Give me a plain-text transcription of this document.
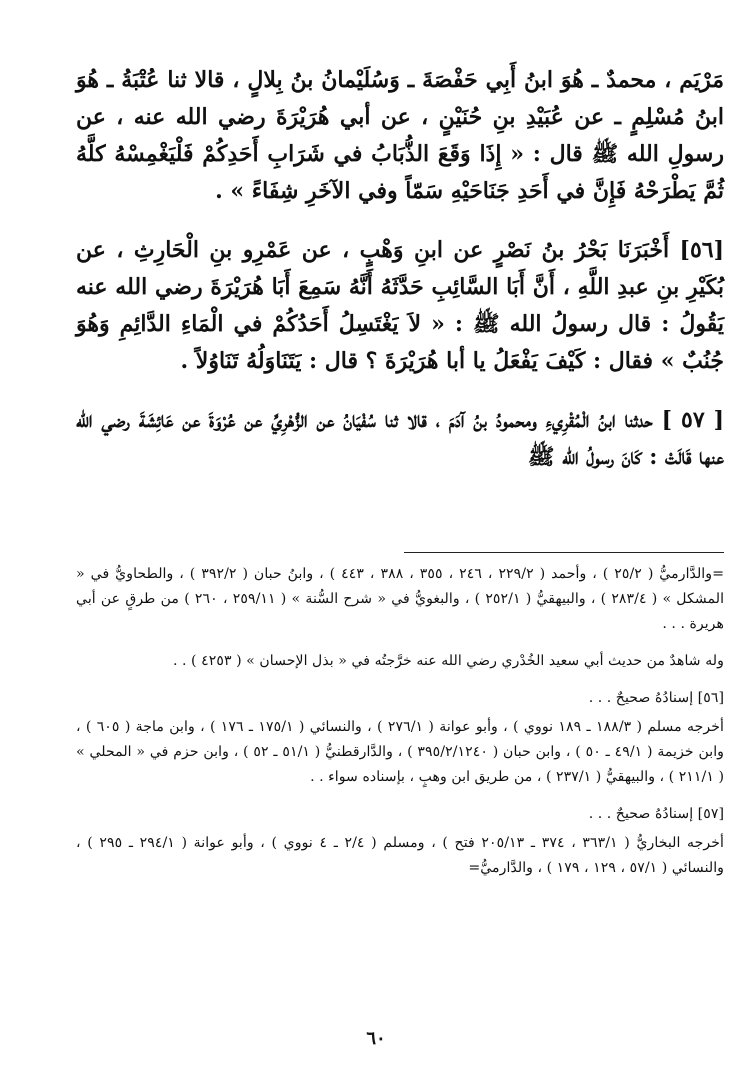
مَرْيَم ، محمدٌ ـ هُوَ ابنُ أَبِي حَفْصَةَ ـ وَسُلَيْمانُ بنُ بِلالٍ ، قالا ثنا عُتْبَةُ ـ هُوَ ابنُ مُسْلِمٍ ـ عن عُبَيْدِ بنِ حُنَيْنٍ ، عن أبي هُرَيْرَةَ رضي الله عنه ، عن رسولِ الله ﷺ قال : « إِذَا وَقَعَ الذُّبَابُ في شَرَابِ أَحَدِكُمْ فَلْيَغْمِسْهُ كلَّهُ ثُمَّ يَطْرَحْهُ فَإِنَّ في أَحَدِ جَنَاحَيْهِ سَمّاً وفي الآخَرِ شِفَاءً » .

[٥٦] أَخْبَرَنَا بَحْرُ بنُ نَصْرٍ عن ابنِ وَهْبٍ ، عن عَمْرِو بنِ الْحَارِثِ ، عن بُكَيْرِ بنِ عبدِ اللَّهِ ، أَنَّ أَبَا السَّائِبِ حَدَّثَهُ أَنَّهُ سَمِعَ أَبَا هُرَيْرَةَ رضي الله عنه يَقُولُ : قال رسولُ الله ﷺ : « لاَ يَغْتَسِلُ أَحَدُكُمْ في الْمَاءِ الدَّائِمِ وَهُوَ جُنُبٌ » فقال : كَيْفَ يَفْعَلُ يا أبا هُرَيْرَةَ ؟ قال : يَتَنَاوَلُهُ تَنَاوُلاً .

[ ٥٧ ] حدثنا ابنُ الْمُقْرِيءِ ومحمودُ بنُ آدَمَ ، قالا ثنا سُفْيَانُ عن الزُّهْرِيِّ عن عُرْوَةَ عن عَائِشَةَ رضي الله عنها قَالَتْ : كَانَ رسولُ الله ﷺ

=والدَّارميُّ ( ٢٥/٢ ) ، وأحمد ( ٢٢٩/٢ ، ٢٤٦ ، ٣٥٥ ، ٣٨٨ ، ٤٤٣ ) ، وابنُ حبان ( ٣٩٢/٢ ) ، والطحاويُّ في « المشكل » ( ٢٨٣/٤ ) ، والبيهقيُّ ( ٢٥٢/١ ) ، والبغويُّ في « شرح السُّنة » ( ٢٥٩/١١ ، ٢٦٠ ) من طرقٍ عن أبي هريرة . . .

وله شاهدٌ من حديث أبي سعيد الخُدْري رضي الله عنه خرَّجتُه في « بذل الإحسان » ( ٤٢٥٣ ) . .

[٥٦] إسنادُهُ صحيحٌ . . .

أخرجه مسلم ( ١٨٨/٣ ـ ١٨٩ نووي ) ، وأبو عوانة ( ٢٧٦/١ ) ، والنسائي ( ١٧٥/١ ـ ١٧٦ ) ، وابن ماجة ( ٦٠٥ ) ، وابن خزيمة ( ٤٩/١ ـ ٥٠ ) ، وابن حبان ( ٣٩٥/٢/١٢٤٠ ) ، والدَّارقطنيُّ ( ٥١/١ ـ ٥٢ ) ، وابن حزم في « المحلي » ( ٢١١/١ ) ، والبيهقيُّ ( ٢٣٧/١ ) ، من طريق ابن وهبٍ ، بإسناده سواء . .

[٥٧] إسنادُهُ صحيحٌ . . .

أخرجه البخاريُّ ( ٣٦٣/١ ، ٣٧٤ ـ ٢٠٥/١٣ فتح ) ، ومسلم ( ٢/٤ ـ ٤ نووي ) ، وأبو عوانة ( ٢٩٤/١ ـ ٢٩٥ ) ، والنسائي ( ٥٧/١ ، ١٢٩ ، ١٧٩ ) ، والدَّارميُّ=

٦٠
